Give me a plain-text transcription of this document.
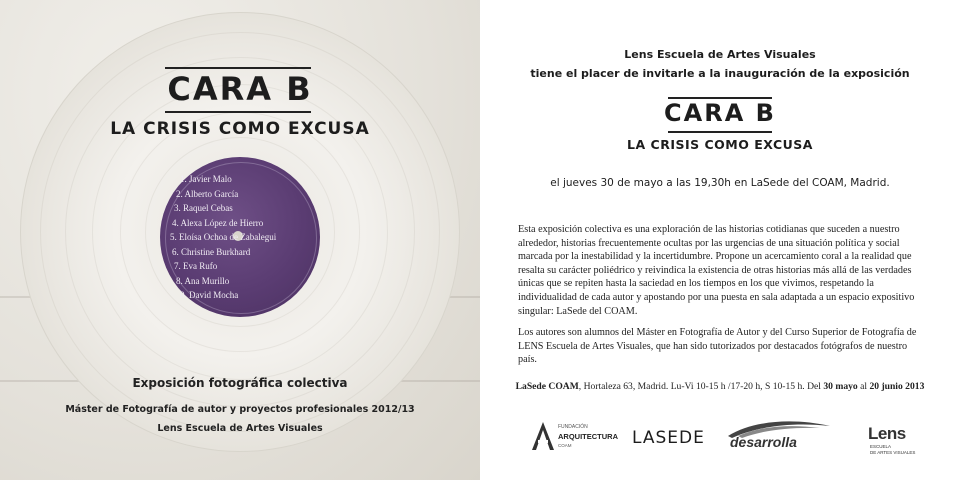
1. Javier Malo
2. Alberto García
3. Raquel Cebas
4. Alexa López de Hierro
5. Eloísa Ochoa de Zabalegui
6. Christine Burkhard
7. Eva Rufo
8. Ana Murillo
9. David Mocha
CARA B
LA CRISIS COMO EXCUSA
Exposición fotográfica colectiva
Máster de Fotografía de autor y proyectos profesionales 2012/13
Lens Escuela de Artes Visuales
Lens Escuela de Artes Visuales
tiene el placer de invitarle a la inauguración de la exposición
CARA B
LA CRISIS COMO EXCUSA
el jueves 30 de mayo a las 19,30h en LaSede del COAM, Madrid.

Esta exposición colectiva es una exploración de las historias cotidianas que suceden a nuestro alrededor, historias frecuentemente ocultas por las urgencias de una situación política y social marcada por la inestabilidad y la incertidumbre. Propone un acercamiento coral a la realidad que resalta su carácter poliédrico y reivindica la existencia de otras historias más allá de las verdades únicas que se repiten hasta la saciedad en los tiempos en los que vivimos, respetando la individualidad de cada autor y apostando por una puesta en sala adaptada a un espacio expositivo singular: LaSede del COAM.

Los autores son alumnos del Máster en Fotografía de Autor y del Curso Superior de Fotografía de LENS Escuela de Artes Visuales, que han sido tutorizados por destacados fotógrafos de nuestro país.

LaSede COAM, Hortaleza 63, Madrid. Lu-Vi 10-15 h /17-20 h, S 10-15 h. Del 30 mayo al 20 junio 2013
FUNDACIÓN
ARQUITECTURA
COAM	LASEDE desarrolla	Lens
ESCUELA
DE ARTES VISUALES
